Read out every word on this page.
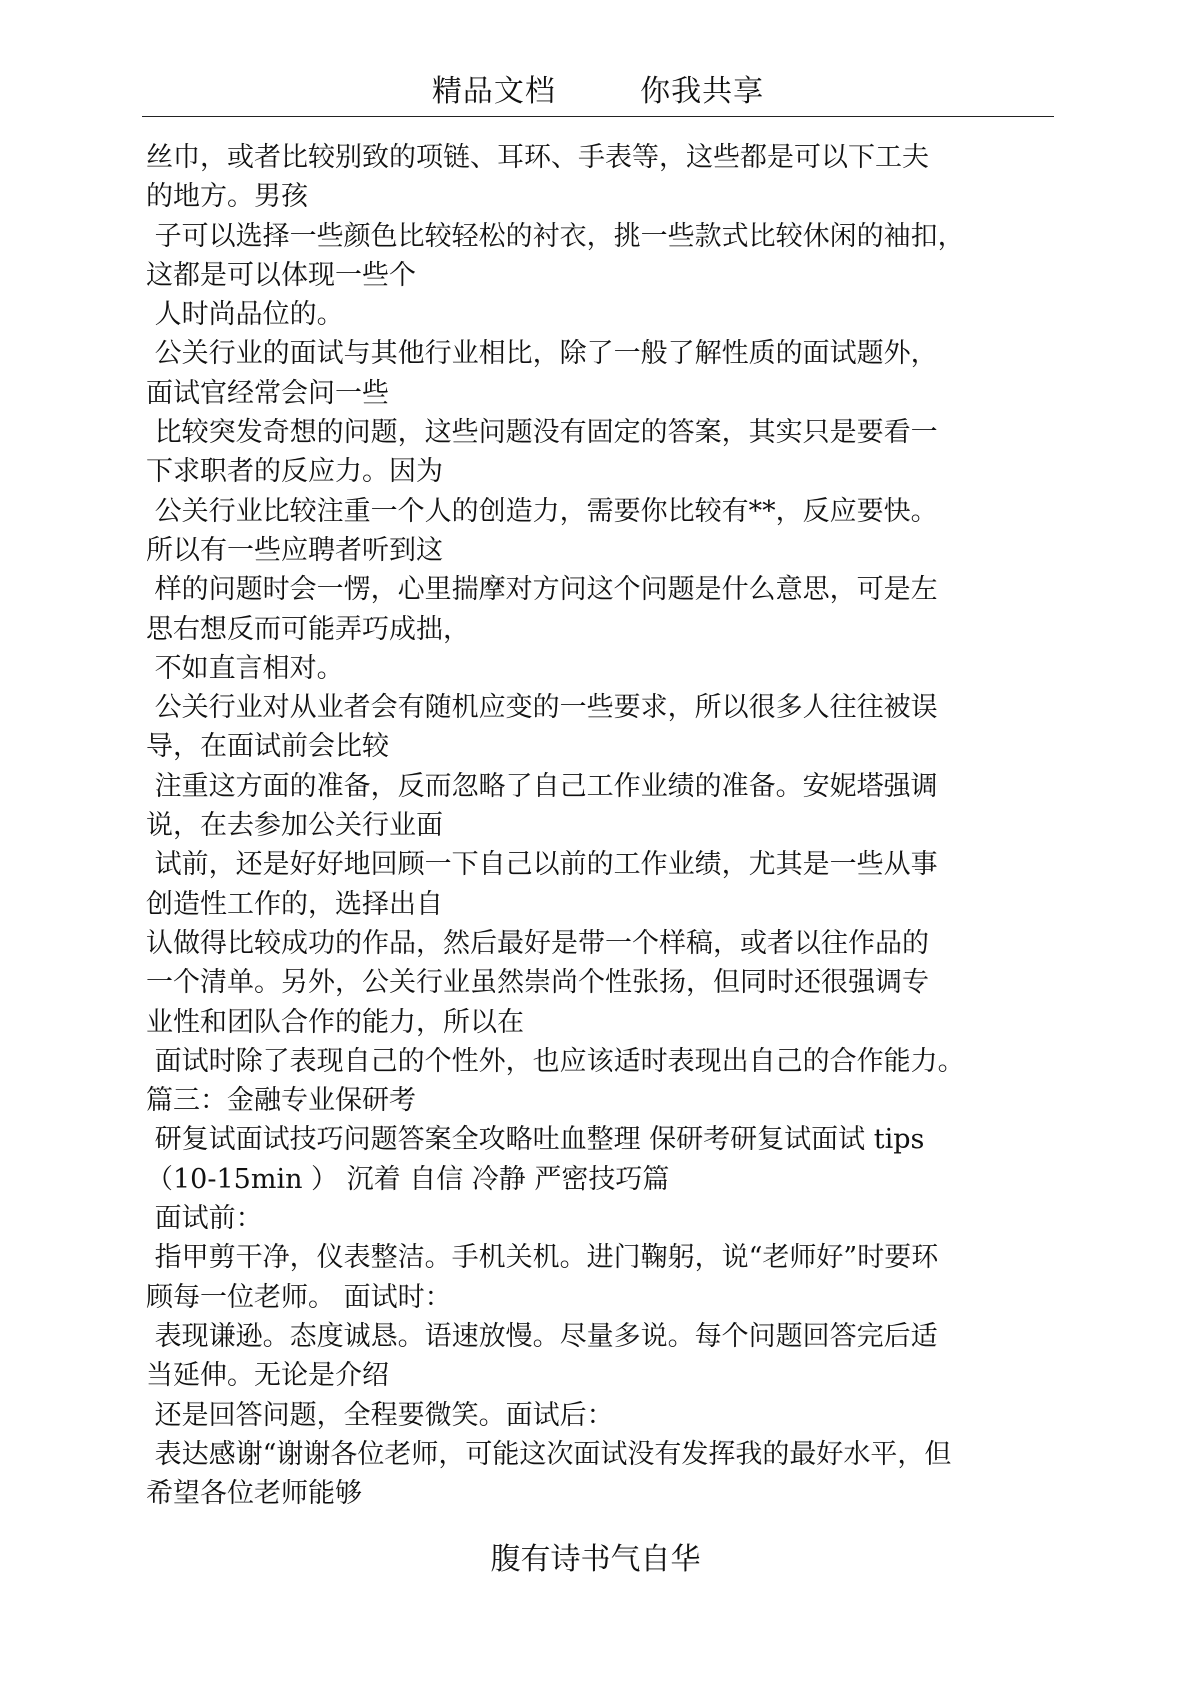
精品文档        你我共享
丝巾，或者比较别致的项链、耳环、手表等，这些都是可以下工夫
的地方。男孩
子可以选择一些颜色比较轻松的衬衣，挑一些款式比较休闲的袖扣，
这都是可以体现一些个
人时尚品位的。
公关行业的面试与其他行业相比，除了一般了解性质的面试题外，
面试官经常会问一些
比较突发奇想的问题，这些问题没有固定的答案，其实只是要看一
下求职者的反应力。因为
公关行业比较注重一个人的创造力，需要你比较有**，反应要快。
所以有一些应聘者听到这
样的问题时会一愣，心里揣摩对方问这个问题是什么意思，可是左
思右想反而可能弄巧成拙，
不如直言相对。
公关行业对从业者会有随机应变的一些要求，所以很多人往往被误
导，在面试前会比较
注重这方面的准备，反而忽略了自己工作业绩的准备。安妮塔强调
说，在去参加公关行业面
试前，还是好好地回顾一下自己以前的工作业绩，尤其是一些从事
创造性工作的，选择出自
认做得比较成功的作品，然后最好是带一个样稿，或者以往作品的
一个清单。另外，公关行业虽然崇尚个性张扬，但同时还很强调专
业性和团队合作的能力，所以在
面试时除了表现自己的个性外，也应该适时表现出自己的合作能力。
篇三：金融专业保研考
研复试面试技巧问题答案全攻略吐血整理 保研考研复试面试 tips
（10-15min ） 沉着 自信 冷静 严密技巧篇
面试前：
指甲剪干净，仪表整洁。手机关机。进门鞠躬，说“老师好”时要环
顾每一位老师。 面试时：
表现谦逊。态度诚恳。语速放慢。尽量多说。每个问题回答完后适
当延伸。无论是介绍
还是回答问题，全程要微笑。面试后：
表达感谢“谢谢各位老师，可能这次面试没有发挥我的最好水平，但
希望各位老师能够
腹有诗书气自华
